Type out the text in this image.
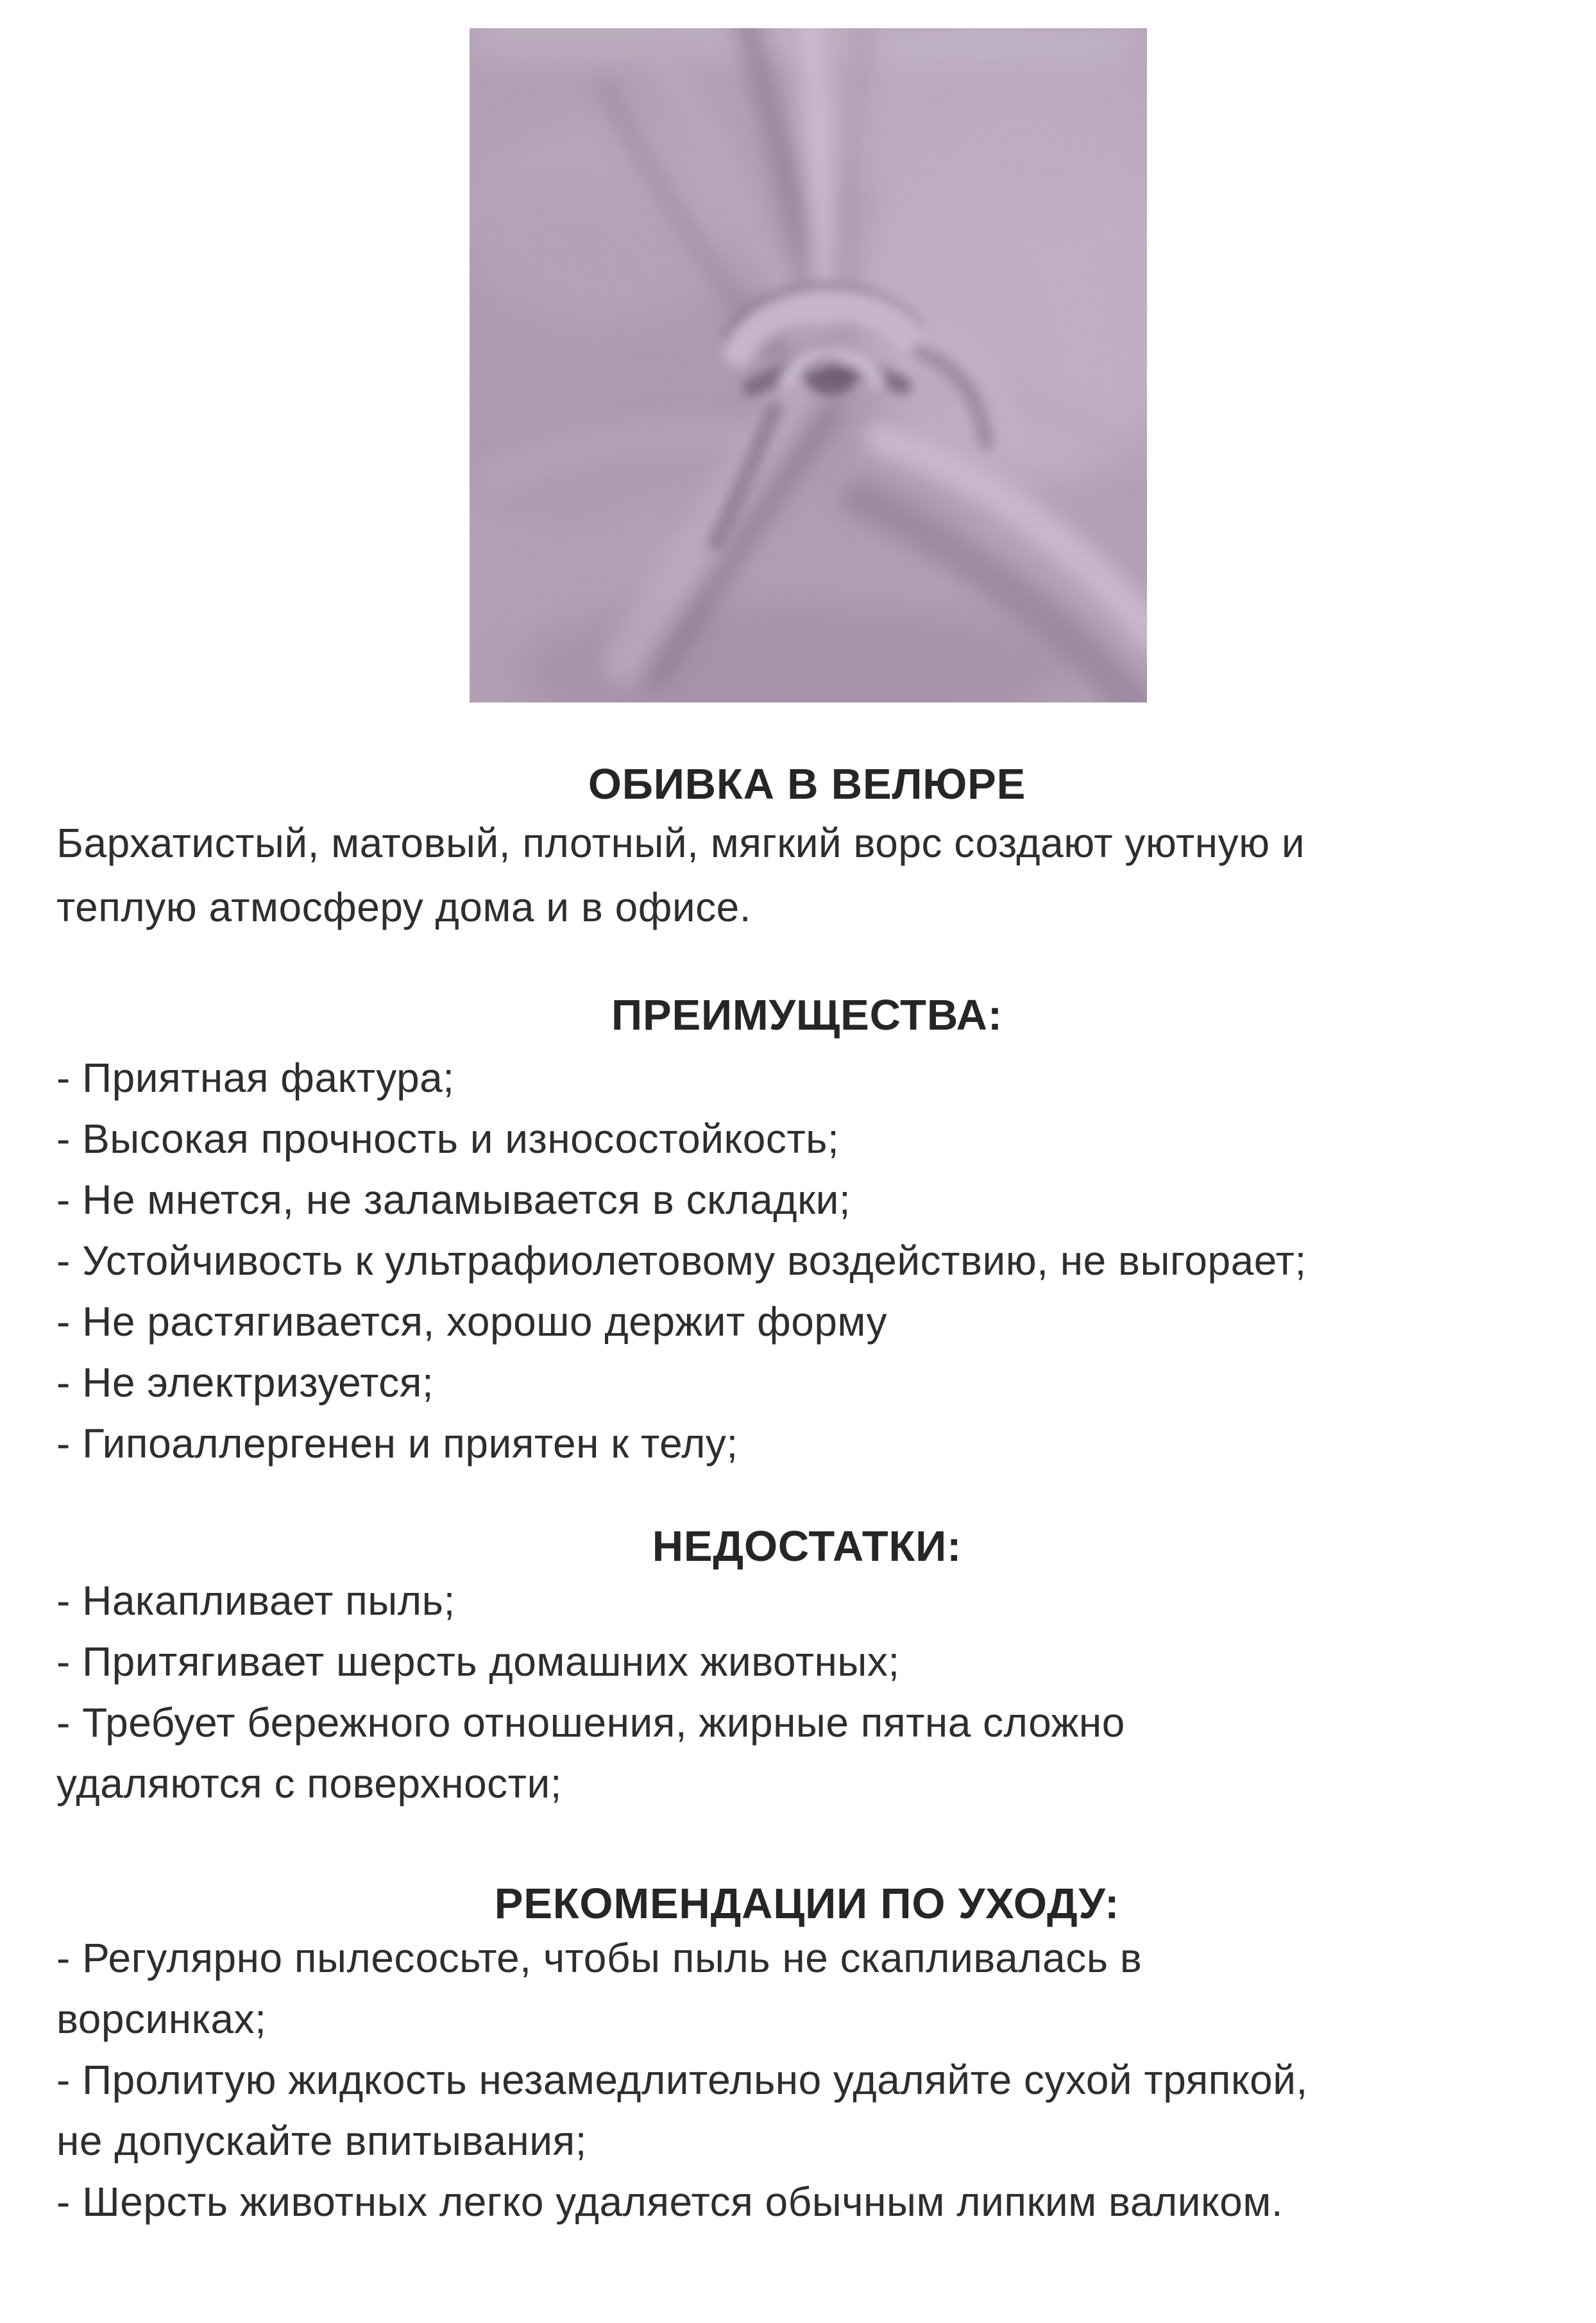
ОБИВКА В ВЕЛЮРЕ
Бархатистый, матовый, плотный, мягкий ворс создают уютную и
теплую атмосферу дома и в офисе.
ПРЕИМУЩЕСТВА:
- Приятная фактура;
- Высокая прочность и износостойкость;
- Не мнется, не заламывается в складки;
- Устойчивость к ультрафиолетовому воздействию, не выгорает;
- Не растягивается, хорошо держит форму
- Не электризуется;
- Гипоаллергенен и приятен к телу;
НЕДОСТАТКИ:
- Накапливает пыль;
- Притягивает шерсть домашних животных;
- Требует бережного отношения, жирные пятна сложно
удаляются с поверхности;
РЕКОМЕНДАЦИИ ПО УХОДУ:
- Регулярно пылесосьте, чтобы пыль не скапливалась в
ворсинках;
- Пролитую жидкость незамедлительно удаляйте сухой тряпкой,
не допускайте впитывания;
- Шерсть животных легко удаляется обычным липким валиком.
